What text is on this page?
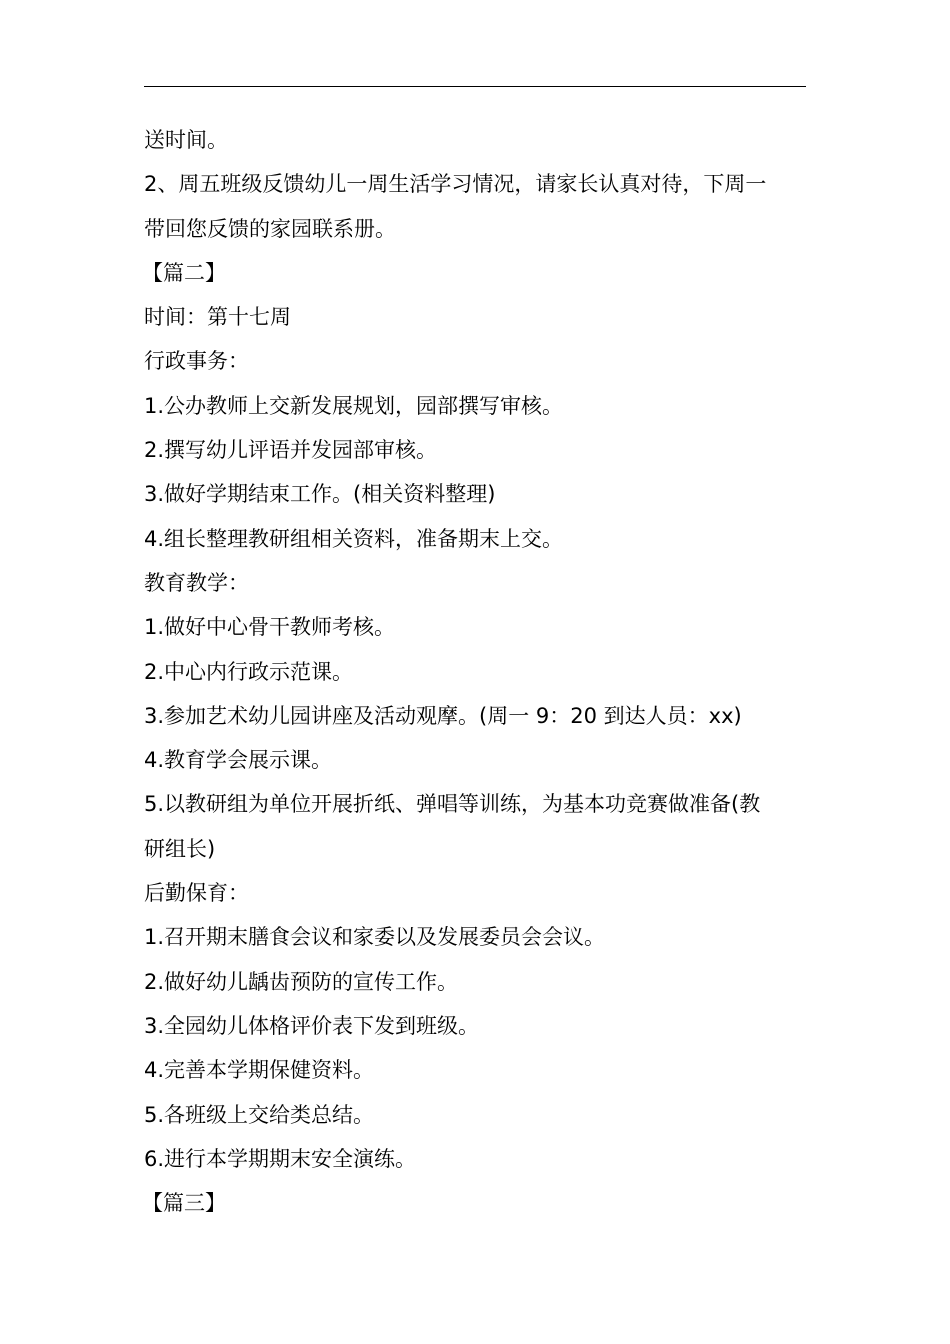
送时间。

2、周五班级反馈幼儿一周生活学习情况，请家长认真对待，下周一

带回您反馈的家园联系册。

【篇二】

时间：第十七周

行政事务：

1.公办教师上交新发展规划，园部撰写审核。

2.撰写幼儿评语并发园部审核。

3.做好学期结束工作。(相关资料整理)

4.组长整理教研组相关资料，准备期末上交。

教育教学：

1.做好中心骨干教师考核。

2.中心内行政示范课。

3.参加艺术幼儿园讲座及活动观摩。(周一 9：20 到达人员：xx)

4.教育学会展示课。

5.以教研组为单位开展折纸、弹唱等训练，为基本功竞赛做准备(教

研组长)

后勤保育：

1.召开期末膳食会议和家委以及发展委员会会议。

2.做好幼儿龋齿预防的宣传工作。

3.全园幼儿体格评价表下发到班级。

4.完善本学期保健资料。

5.各班级上交给类总结。

6.进行本学期期末安全演练。

【篇三】
